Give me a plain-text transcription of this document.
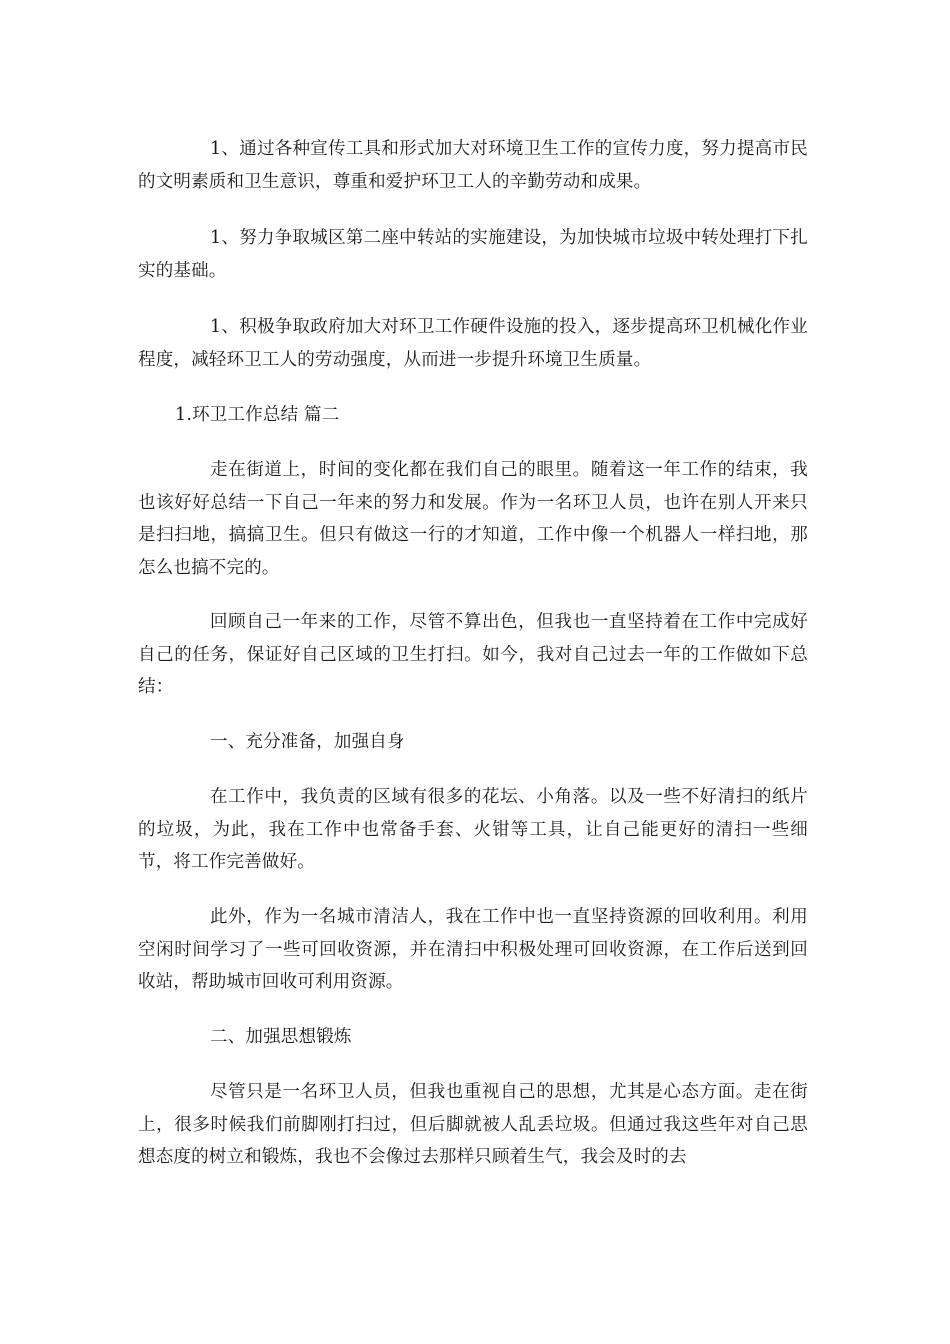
1、通过各种宣传工具和形式加大对环境卫生工作的宣传力度，努力提高市民的文明素质和卫生意识，尊重和爱护环卫工人的辛勤劳动和成果。

1、努力争取城区第二座中转站的实施建设，为加快城市垃圾中转处理打下扎实的基础。

1、积极争取政府加大对环卫工作硬件设施的投入，逐步提高环卫机械化作业程度，减轻环卫工人的劳动强度，从而进一步提升环境卫生质量。

1.环卫工作总结 篇二

走在街道上，时间的变化都在我们自己的眼里。随着这一年工作的结束，我也该好好总结一下自己一年来的努力和发展。作为一名环卫人员，也许在别人开来只是扫扫地，搞搞卫生。但只有做这一行的才知道，工作中像一个机器人一样扫地，那怎么也搞不完的。

回顾自己一年来的工作，尽管不算出色，但我也一直坚持着在工作中完成好自己的任务，保证好自己区域的卫生打扫。如今，我对自己过去一年的工作做如下总结：

一、充分准备，加强自身

在工作中，我负责的区域有很多的花坛、小角落。以及一些不好清扫的纸片的垃圾，为此，我在工作中也常备手套、火钳等工具，让自己能更好的清扫一些细节，将工作完善做好。

此外，作为一名城市清洁人，我在工作中也一直坚持资源的回收利用。利用空闲时间学习了一些可回收资源，并在清扫中积极处理可回收资源，在工作后送到回收站，帮助城市回收可利用资源。

二、加强思想锻炼

尽管只是一名环卫人员，但我也重视自己的思想，尤其是心态方面。走在街上，很多时候我们前脚刚打扫过，但后脚就被人乱丢垃圾。但通过我这些年对自己思想态度的树立和锻炼，我也不会像过去那样只顾着生气，我会及时的去
